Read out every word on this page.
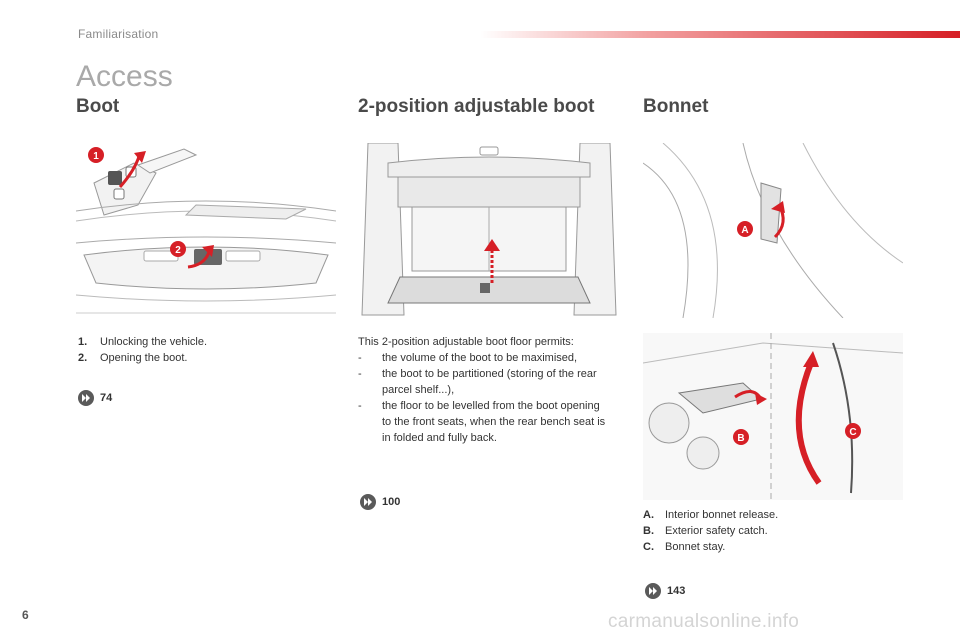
Familiarisation
Access
Boot
1
2
1.	Unlocking the vehicle.
2.	Opening the boot.
74
2-position adjustable boot
This 2-position adjustable boot floor permits:
-	the volume of the boot to be maximised,
-	the boot to be partitioned (storing of the rear parcel shelf...),
-	the floor to be levelled from the boot opening to the front seats, when the rear bench seat is in folded and fully back.
100
Bonnet
A
B
C
A.	Interior bonnet release.
B.	Exterior safety catch.
C.	Bonnet stay.
143
6	carmanualsonline.info
